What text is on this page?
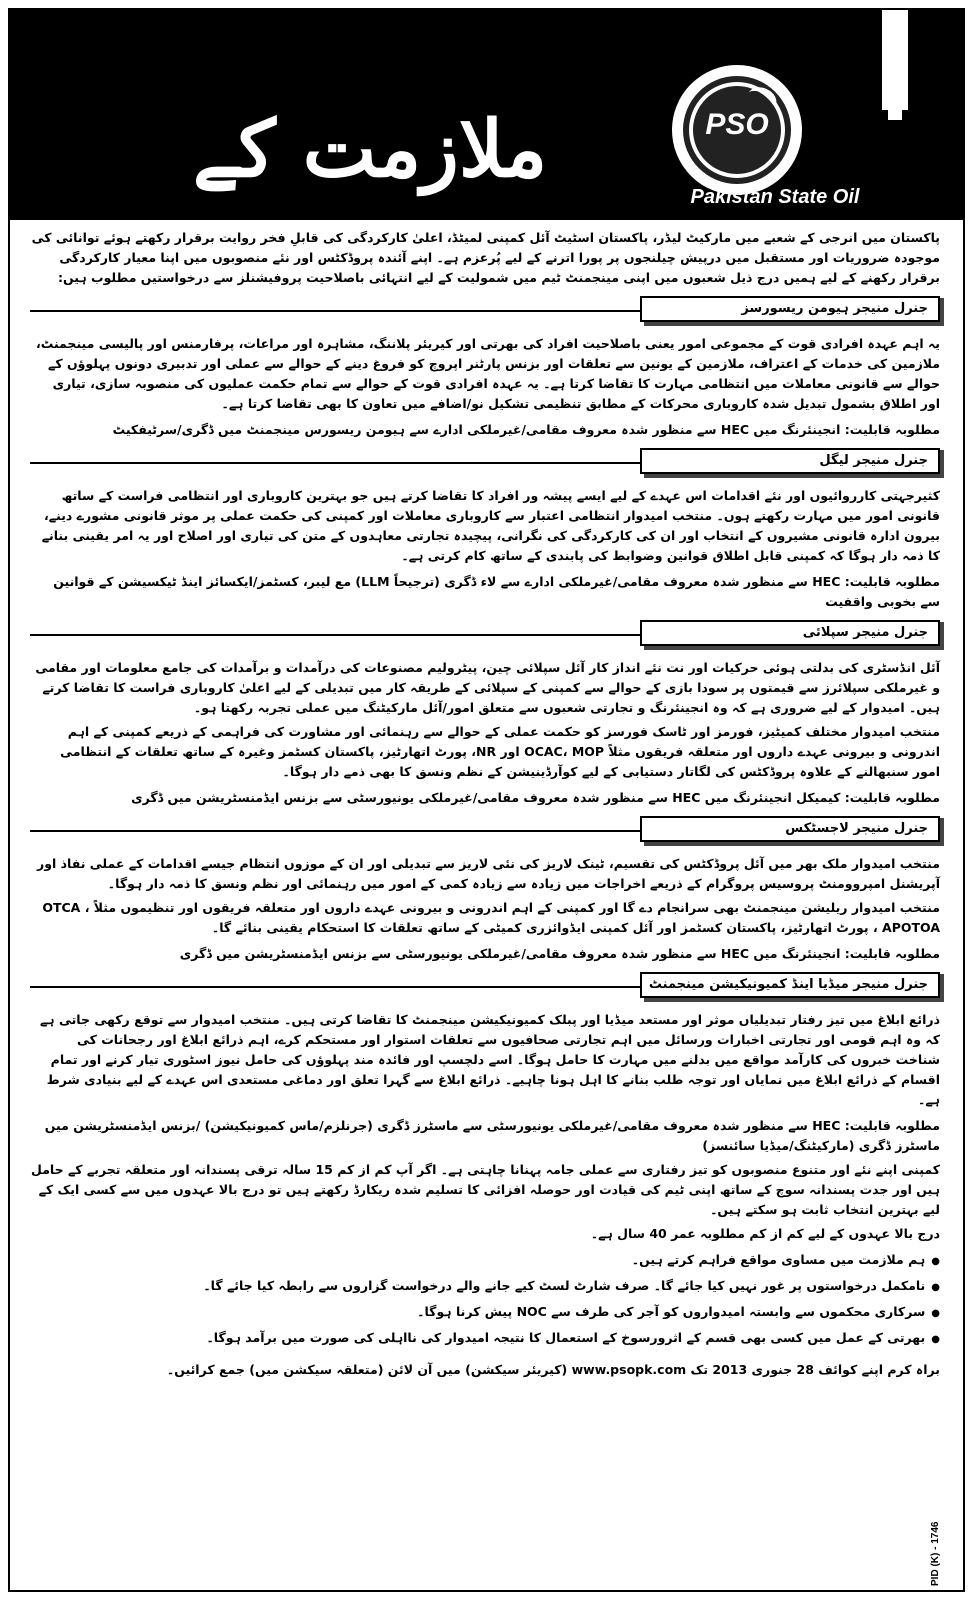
ملازمت کے مواقع
PSO
Pakistan State Oil

پاکستان میں انرجی کے شعبے میں مارکیٹ لیڈر، پاکستان اسٹیٹ آئل کمپنی لمیٹڈ، اعلیٰ کارکردگی کی قابلِ فخر روایت برقرار رکھتے ہوئے توانائی کی موجودہ ضروریات اور مستقبل میں درپیش چیلنجوں پر پورا اترنے کے لیے پُرعزم ہے۔ اپنے آئندہ پروڈکٹس اور نئے منصوبوں میں اپنا معیار کارکردگی برقرار رکھنے کے لیے ہمیں درج ذیل شعبوں میں اپنی مینجمنٹ ٹیم میں شمولیت کے لیے انتہائی باصلاحیت پروفیشنلز سے درخواستیں مطلوب ہیں:

جنرل منیجر ہیومن ریسورسز

یہ اہم عہدہ افرادی قوت کے مجموعی امور یعنی باصلاحیت افراد کی بھرتی اور کیریئر پلاننگ، مشاہرہ اور مراعات، پرفارمنس اور پالیسی مینجمنٹ، ملازمین کی خدمات کے اعتراف، ملازمین کے یونین سے تعلقات اور بزنس پارٹنر اپروچ کو فروغ دینے کے حوالے سے عملی اور تدبیری دونوں پہلوؤں کے حوالے سے قانونی معاملات میں انتظامی مہارت کا تقاضا کرتا ہے۔ یہ عہدہ افرادی قوت کے حوالے سے تمام حکمت عملیوں کی منصوبہ سازی، تیاری اور اطلاق بشمول تبدیل شدہ کاروباری محرکات کے مطابق تنظیمی تشکیل نو/اضافے میں تعاون کا بھی تقاضا کرتا ہے۔

مطلوبہ قابلیت: انجینئرنگ میں HEC سے منظور شدہ معروف مقامی/غیرملکی ادارے سے ہیومن ریسورس مینجمنٹ میں ڈگری/سرٹیفکیٹ

جنرل منیجر لیگل

کثیرجہتی کارروائیوں اور نئے اقدامات اس عہدے کے لیے ایسے پیشہ ور افراد کا تقاضا کرتے ہیں جو بہترین کاروباری اور انتظامی فراست کے ساتھ قانونی امور میں مہارت رکھتے ہوں۔ منتخب امیدوار انتظامی اعتبار سے کاروباری معاملات اور کمپنی کی حکمت عملی پر موثر قانونی مشورے دینے، بیرون ادارہ قانونی مشیروں کے انتخاب اور ان کی کارکردگی کی نگرانی، پیچیدہ تجارتی معاہدوں کے متن کی تیاری اور اصلاح اور یہ امر یقینی بنانے کا ذمہ دار ہوگا کہ کمپنی قابل اطلاق قوانین وضوابط کی پابندی کے ساتھ کام کرتی ہے۔

مطلوبہ قابلیت: HEC سے منظور شدہ معروف مقامی/غیرملکی ادارے سے لاء ڈگری (ترجیحاً LLM) مع لیبر، کسٹمز/ایکسائز اینڈ ٹیکسیشن کے قوانین سے بخوبی واقفیت

جنرل منیجر سپلائی

آئل انڈسٹری کی بدلتی ہوئی حرکیات اور نت نئے انداز کار آئل سپلائی چین، پیٹرولیم مصنوعات کی درآمدات و برآمدات کی جامع معلومات اور مقامی و غیرملکی سپلائرز سے قیمتوں پر سودا بازی کے حوالے سے کمپنی کے سپلائی کے طریقہ کار میں تبدیلی کے لیے اعلیٰ کاروباری فراست کا تقاضا کرتے ہیں۔ امیدوار کے لیے ضروری ہے کہ وہ انجینئرنگ و تجارتی شعبوں سے متعلق امور/آئل مارکیٹنگ میں عملی تجربہ رکھتا ہو۔

منتخب امیدوار مختلف کمیٹیز، فورمز اور ٹاسک فورسز کو حکمت عملی کے حوالے سے رہنمائی اور مشاورت کی فراہمی کے ذریعے کمپنی کے اہم اندرونی و بیرونی عہدے داروں اور متعلقہ فریقوں مثلاً OCAC، MOP اور NR، پورٹ اتھارٹیز، پاکستان کسٹمز وغیرہ کے ساتھ تعلقات کے انتظامی امور سنبھالنے کے علاوہ پروڈکٹس کی لگاتار دستیابی کے لیے کوآرڈینیشن کے نظم ونسق کا بھی ذمے دار ہوگا۔

مطلوبہ قابلیت: کیمیکل انجینئرنگ میں HEC سے منظور شدہ معروف مقامی/غیرملکی یونیورسٹی سے بزنس ایڈمنسٹریشن میں ڈگری

جنرل منیجر لاجسٹکس

منتخب امیدوار ملک بھر میں آئل پروڈکٹس کی تقسیم، ٹینک لاریز کی نئی لاریز سے تبدیلی اور ان کے موزوں انتظام جیسے اقدامات کے عملی نفاذ اور آپریشنل امپروومنٹ پروسیس پروگرام کے ذریعے اخراجات میں زیادہ سے زیادہ کمی کے امور میں رہنمائی اور نظم ونسق کا ذمہ دار ہوگا۔

منتخب امیدوار ریلیشن مینجمنٹ بھی سرانجام دے گا اور کمپنی کے اہم اندرونی و بیرونی عہدے داروں اور متعلقہ فریقوں اور تنظیموں مثلاً OTCA ، APOTOA ، پورٹ اتھارٹیز، پاکستان کسٹمز اور آئل کمپنی ایڈوائزری کمیٹی کے ساتھ تعلقات کا استحکام یقینی بنائے گا۔

مطلوبہ قابلیت: انجینئرنگ میں HEC سے منظور شدہ معروف مقامی/غیرملکی یونیورسٹی سے بزنس ایڈمنسٹریشن میں ڈگری

جنرل منیجر میڈیا اینڈ کمیونیکیشن مینجمنٹ

ذرائع ابلاغ میں تیز رفتار تبدیلیاں موثر اور مستعد میڈیا اور پبلک کمیونیکیشن مینجمنٹ کا تقاضا کرتی ہیں۔ منتخب امیدوار سے توقع رکھی جاتی ہے کہ وہ اہم قومی اور تجارتی اخبارات ورسائل میں اہم تجارتی صحافیوں سے تعلقات استوار اور مستحکم کرے، اہم ذرائع ابلاغ اور رجحانات کی شناخت خبروں کی کارآمد مواقع میں بدلنے میں مہارت کا حامل ہوگا۔ اسے دلچسپ اور فائدہ مند پہلوؤں کی حامل نیوز اسٹوری تیار کرنے اور تمام اقسام کے ذرائع ابلاغ میں نمایاں اور توجہ طلب بنانے کا اہل ہونا چاہیے۔ ذرائع ابلاغ سے گہرا تعلق اور دماغی مستعدی اس عہدے کے لیے بنیادی شرط ہے۔

مطلوبہ قابلیت: HEC سے منظور شدہ معروف مقامی/غیرملکی یونیورسٹی سے ماسٹرز ڈگری (جرنلزم/ماس کمیونیکیشن) /بزنس ایڈمنسٹریشن میں ماسٹرز ڈگری (مارکیٹنگ/میڈیا سائنسز)

کمپنی اپنے نئے اور متنوع منصوبوں کو تیز رفتاری سے عملی جامہ پہنانا چاہتی ہے۔ اگر آپ کم از کم 15 سالہ ترقی پسندانہ اور متعلقہ تجربے کے حامل ہیں اور جدت پسندانہ سوچ کے ساتھ اپنی ٹیم کی قیادت اور حوصلہ افزائی کا تسلیم شدہ ریکارڈ رکھتے ہیں تو درج بالا عہدوں میں سے کسی ایک کے لیے بہترین انتخاب ثابت ہو سکتے ہیں۔

درج بالا عہدوں کے لیے کم از کم مطلوبہ عمر 40 سال ہے۔

● ہم ملازمت میں مساوی مواقع فراہم کرتے ہیں۔
● نامکمل درخواستوں پر غور نہیں کیا جائے گا۔ صرف شارٹ لسٹ کیے جانے والے درخواست گزاروں سے رابطہ کیا جائے گا۔
● سرکاری محکموں سے وابستہ امیدواروں کو آجر کی طرف سے NOC پیش کرنا ہوگا۔
● بھرتی کے عمل میں کسی بھی قسم کے اثرورسوخ کے استعمال کا نتیجہ امیدوار کی نااہلی کی صورت میں برآمد ہوگا۔

براہ کرم اپنے کوائف 28 جنوری 2013 تک www.psopk.com (کیریئر سیکشن) میں آن لائن (متعلقہ سیکشن میں) جمع کرائیں۔

PID (K) - 1746
